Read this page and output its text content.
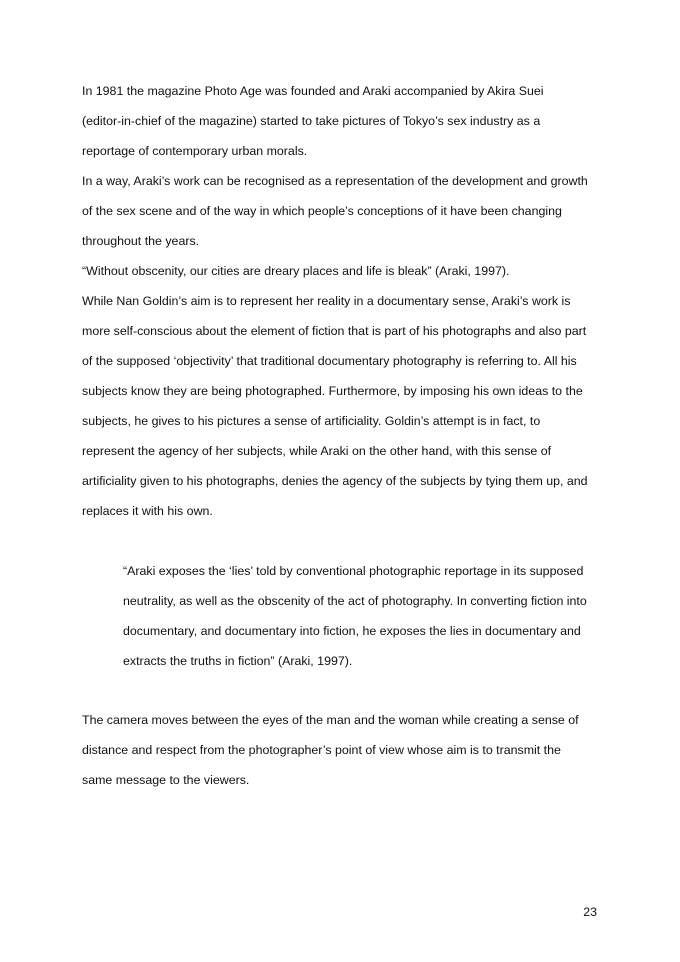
In 1981 the magazine Photo Age was founded and Araki accompanied by Akira Suei

(editor-in-chief of the magazine) started to take pictures of Tokyo’s sex industry as a

reportage of contemporary urban morals.

In a way, Araki’s work can be recognised as a representation of the development and growth

of the sex scene and of the way in which people’s conceptions of it have been changing

throughout the years.

“Without obscenity, our cities are dreary places and life is bleak” (Araki, 1997).

While Nan Goldin’s aim is to represent her reality in a documentary sense, Araki’s work is

more self-conscious about the element of fiction that is part of his photographs and also part

of the supposed ‘objectivity’ that traditional documentary photography is referring to. All his

subjects know they are being photographed. Furthermore, by imposing his own ideas to the

subjects, he gives to his pictures a sense of artificiality. Goldin’s attempt is in fact, to

represent the agency of her subjects, while Araki on the other hand, with this sense of

artificiality given to his photographs, denies the agency of the subjects by tying them up, and

replaces it with his own.

“Araki exposes the ‘lies’ told by conventional photographic reportage in its supposed

neutrality, as well as the obscenity of the act of photography. In converting fiction into

documentary, and documentary into fiction, he exposes the lies in documentary and

extracts the truths in fiction” (Araki, 1997).

The camera moves between the eyes of the man and the woman while creating a sense of

distance and respect from the photographer’s point of view whose aim is to transmit the

same message to the viewers.

23
